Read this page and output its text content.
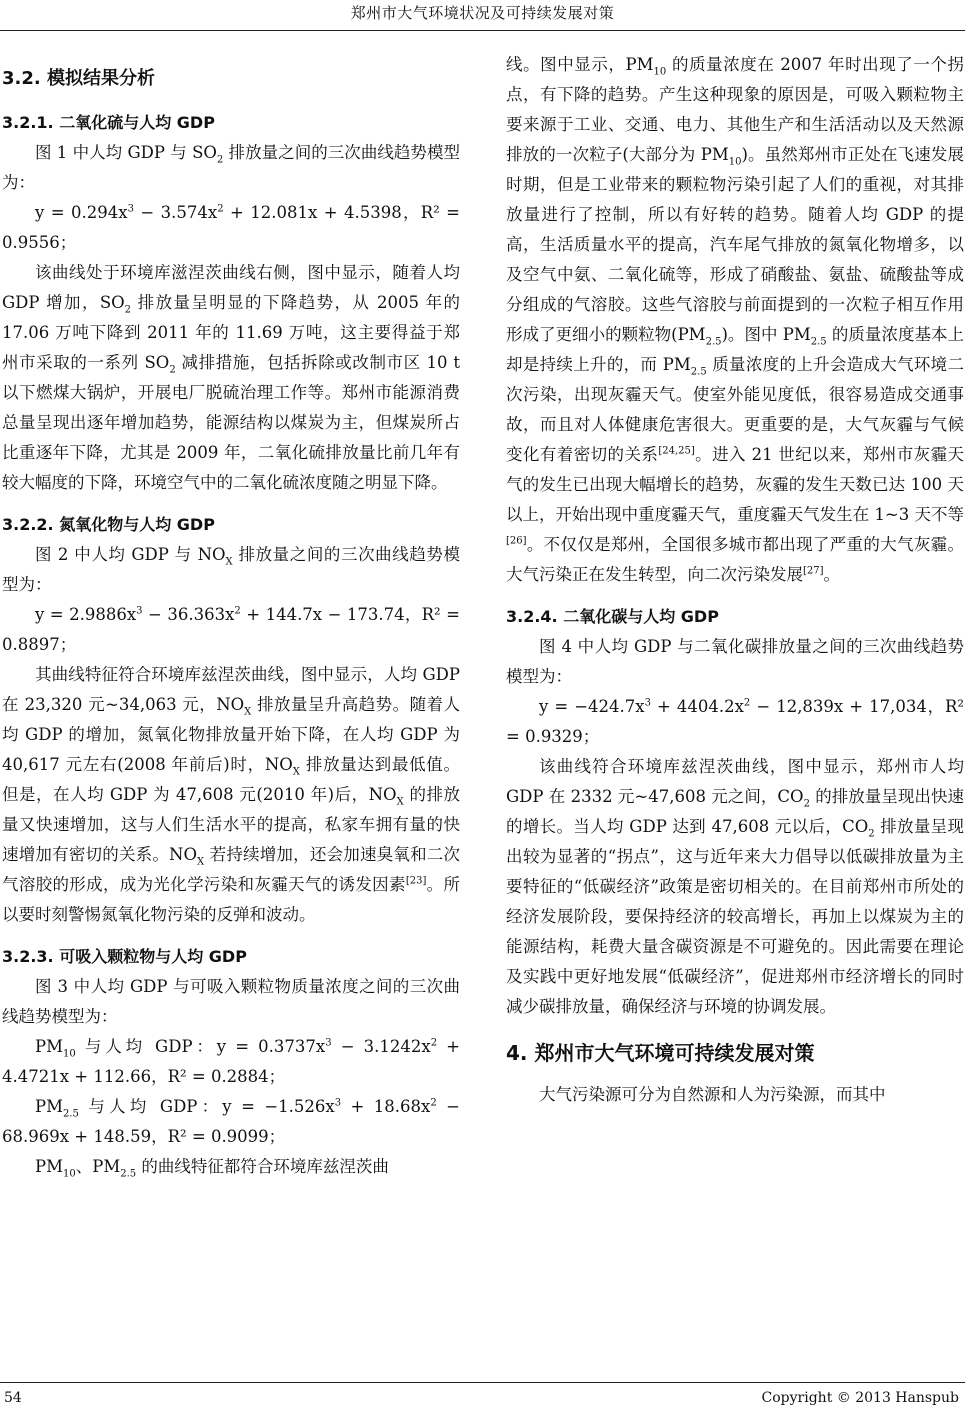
郑州市大气环境状况及可持续发展对策
3.2. 模拟结果分析
3.2.1. 二氧化硫与人均 GDP

图 1 中人均 GDP 与 $SO_2$ 排放量之间的三次曲线趋势模型为：

$y = 0.294x^3 - 3.574x^2 + 12.081x + 4.5398$，R² = 0.9556；

该曲线处于环境库滋涅茨曲线右侧，图中显示，随着人均 GDP 增加，$SO_2$ 排放量呈明显的下降趋势，从 2005 年的 17.06 万吨下降到 2011 年的 11.69 万吨，这主要得益于郑州市采取的一系列 $SO_2$ 减排措施，包括拆除或改制市区 10 t 以下燃煤大锅炉，开展电厂脱硫治理工作等。郑州市能源消费总量呈现出逐年增加趋势，能源结构以煤炭为主，但煤炭所占比重逐年下降，尤其是 2009 年，二氧化硫排放量比前几年有较大幅度的下降，环境空气中的二氧化硫浓度随之明显下降。

3.2.2. 氮氧化物与人均 GDP

图 2 中人均 GDP 与 $NO_X$ 排放量之间的三次曲线趋势模型为：

$y = 2.9886x^3 - 36.363x^2 + 144.7x - 173.74$，R² = 0.8897；

其曲线特征符合环境库兹涅茨曲线，图中显示，人均 GDP 在 23,320 元~34,063 元，$NO_X$ 排放量呈升高趋势。随着人均 GDP 的增加，氮氧化物排放量开始下降，在人均 GDP 为 40,617 元左右(2008 年前后)时，$NO_X$ 排放量达到最低值。但是，在人均 GDP 为 47,608 元(2010 年)后，$NO_X$ 的排放量又快速增加，这与人们生活水平的提高，私家车拥有量的快速增加有密切的关系。$NO_X$ 若持续增加，还会加速臭氧和二次气溶胶的形成，成为光化学污染和灰霾天气的诱发因素[23]。所以要时刻警惕氮氧化物污染的反弹和波动。

3.2.3. 可吸入颗粒物与人均 GDP

图 3 中人均 GDP 与可吸入颗粒物质量浓度之间的三次曲线趋势模型为：

$PM_{10}$ 与人均 GDP：$y = 0.3737x^3 - 3.1242x^2 + 4.4721x + 112.66$，R² = 0.2884；

$PM_{2.5}$ 与人均 GDP：$y = -1.526x^3 + 18.68x^2 - 68.969x + 148.59$，R² = 0.9099；

$PM_{10}$、$PM_{2.5}$ 的曲线特征都符合环境库兹涅茨曲

线。图中显示，$PM_{10}$ 的质量浓度在 2007 年时出现了一个拐点，有下降的趋势。产生这种现象的原因是，可吸入颗粒物主要来源于工业、交通、电力、其他生产和生活活动以及天然源排放的一次粒子(大部分为 $PM_{10}$)。虽然郑州市正处在飞速发展时期，但是工业带来的颗粒物污染引起了人们的重视，对其排放量进行了控制，所以有好转的趋势。随着人均 GDP 的提高，生活质量水平的提高，汽车尾气排放的氮氧化物增多，以及空气中氨、二氧化硫等，形成了硝酸盐、氨盐、硫酸盐等成分组成的气溶胶。这些气溶胶与前面提到的一次粒子相互作用形成了更细小的颗粒物$(PM_{2.5})$。图中 $PM_{2.5}$ 的质量浓度基本上却是持续上升的，而 $PM_{2.5}$ 质量浓度的上升会造成大气环境二次污染，出现灰霾天气。使室外能见度低，很容易造成交通事故，而且对人体健康危害很大。更重要的是，大气灰霾与气候变化有着密切的关系[24,25]。进入 21 世纪以来，郑州市灰霾天气的发生已出现大幅增长的趋势，灰霾的发生天数已达 100 天以上，开始出现中重度霾天气，重度霾天气发生在 1~3 天不等[26]。不仅仅是郑州，全国很多城市都出现了严重的大气灰霾。大气污染正在发生转型，向二次污染发展[27]。

3.2.4. 二氧化碳与人均 GDP

图 4 中人均 GDP 与二氧化碳排放量之间的三次曲线趋势模型为：

$y = -424.7x^3 + 4404.2x^2 - 12,839x + 17,034$，R² = 0.9329；

该曲线符合环境库兹涅茨曲线，图中显示，郑州市人均 GDP 在 2332 元~47,608 元之间，$CO_2$ 的排放量呈现出快速的增长。当人均 GDP 达到 47,608 元以后，$CO_2$ 排放量呈现出较为显著的“拐点”，这与近年来大力倡导以低碳排放量为主要特征的“低碳经济”政策是密切相关的。在目前郑州市所处的经济发展阶段，要保持经济的较高增长，再加上以煤炭为主的能源结构，耗费大量含碳资源是不可避免的。因此需要在理论及实践中更好地发展“低碳经济”，促进郑州市经济增长的同时减少碳排放量，确保经济与环境的协调发展。

4. 郑州市大气环境可持续发展对策

大气污染源可分为自然源和人为污染源，而其中

54	Copyright © 2013 Hanspub
